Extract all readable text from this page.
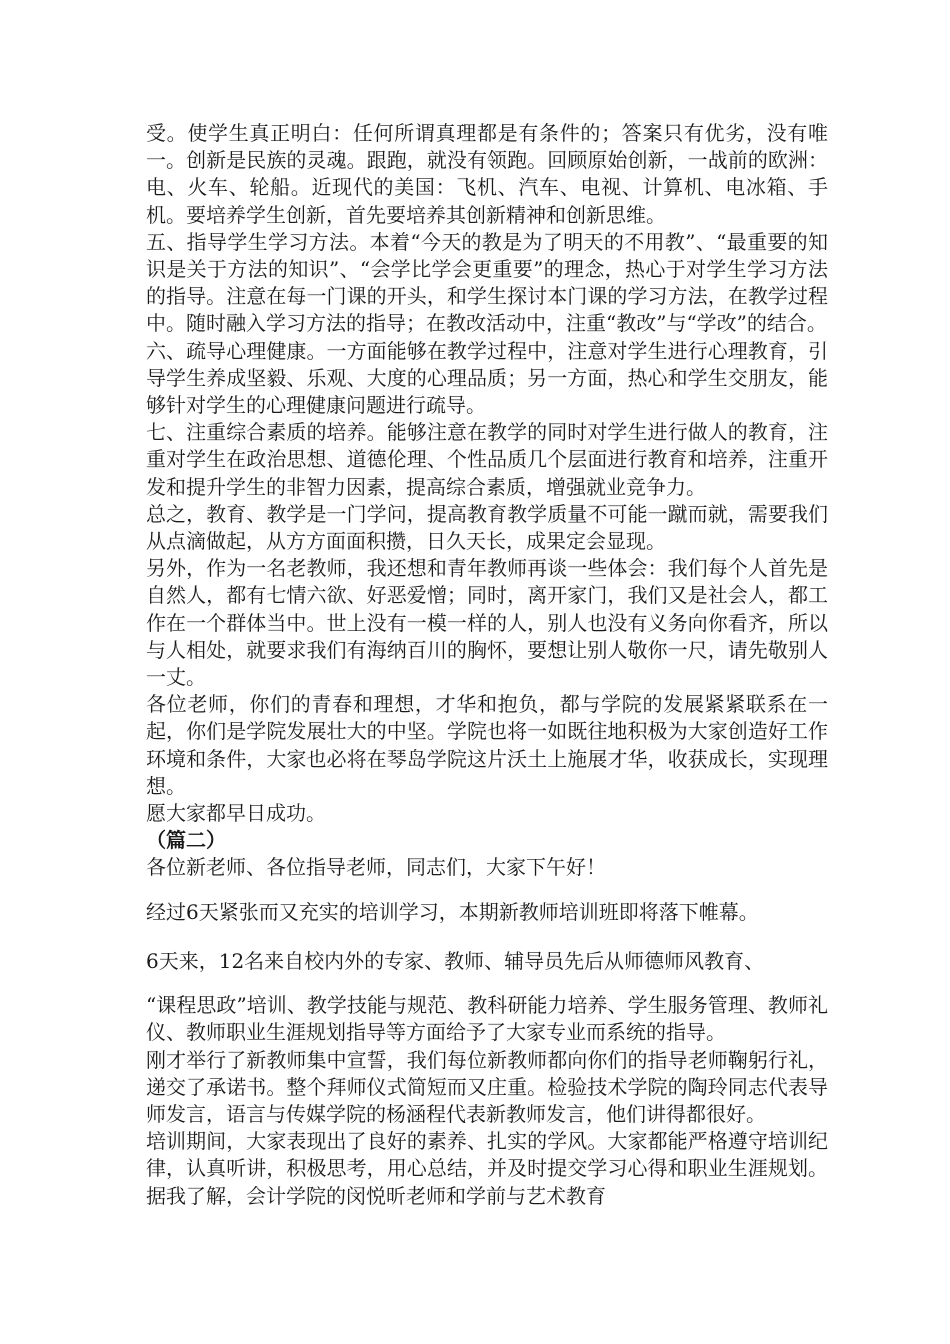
受。使学生真正明白：任何所谓真理都是有条件的；答案只有优劣，没有唯一。创新是民族的灵魂。跟跑，就没有领跑。回顾原始创新，一战前的欧洲：电、火车、轮船。近现代的美国：飞机、汽车、电视、计算机、电冰箱、手机。要培养学生创新，首先要培养其创新精神和创新思维。

五、指导学生学习方法。本着“今天的教是为了明天的不用教”、“最重要的知识是关于方法的知识”、“会学比学会更重要”的理念，热心于对学生学习方法的指导。注意在每一门课的开头，和学生探讨本门课的学习方法，在教学过程中。随时融入学习方法的指导；在教改活动中，注重“教改”与“学改”的结合。

六、疏导心理健康。一方面能够在教学过程中，注意对学生进行心理教育，引导学生养成坚毅、乐观、大度的心理品质；另一方面，热心和学生交朋友，能够针对学生的心理健康问题进行疏导。

七、注重综合素质的培养。能够注意在教学的同时对学生进行做人的教育，注重对学生在政治思想、道德伦理、个性品质几个层面进行教育和培养，注重开发和提升学生的非智力因素，提高综合素质，增强就业竞争力。

总之，教育、教学是一门学问，提高教育教学质量不可能一蹴而就，需要我们从点滴做起，从方方面面积攒，日久天长，成果定会显现。

另外，作为一名老教师，我还想和青年教师再谈一些体会：我们每个人首先是自然人，都有七情六欲、好恶爱憎；同时，离开家门，我们又是社会人，都工作在一个群体当中。世上没有一模一样的人，别人也没有义务向你看齐，所以与人相处，就要求我们有海纳百川的胸怀，要想让别人敬你一尺，请先敬别人一丈。

各位老师，你们的青春和理想，才华和抱负，都与学院的发展紧紧联系在一起，你们是学院发展壮大的中坚。学院也将一如既往地积极为大家创造好工作环境和条件，大家也必将在琴岛学院这片沃土上施展才华，收获成长，实现理想。

愿大家都早日成功。

（篇二）

各位新老师、各位指导老师，同志们，大家下午好！

经过6天紧张而又充实的培训学习，本期新教师培训班即将落下帷幕。

6天来，12名来自校内外的专家、教师、辅导员先后从师德师风教育、

“课程思政”培训、教学技能与规范、教科研能力培养、学生服务管理、教师礼仪、教师职业生涯规划指导等方面给予了大家专业而系统的指导。

刚才举行了新教师集中宣誓，我们每位新教师都向你们的指导老师鞠躬行礼，递交了承诺书。整个拜师仪式简短而又庄重。检验技术学院的陶玲同志代表导师发言，语言与传媒学院的杨涵程代表新教师发言，他们讲得都很好。

培训期间，大家表现出了良好的素养、扎实的学风。大家都能严格遵守培训纪律，认真听讲，积极思考，用心总结，并及时提交学习心得和职业生涯规划。据我了解，会计学院的闵悦昕老师和学前与艺术教育
